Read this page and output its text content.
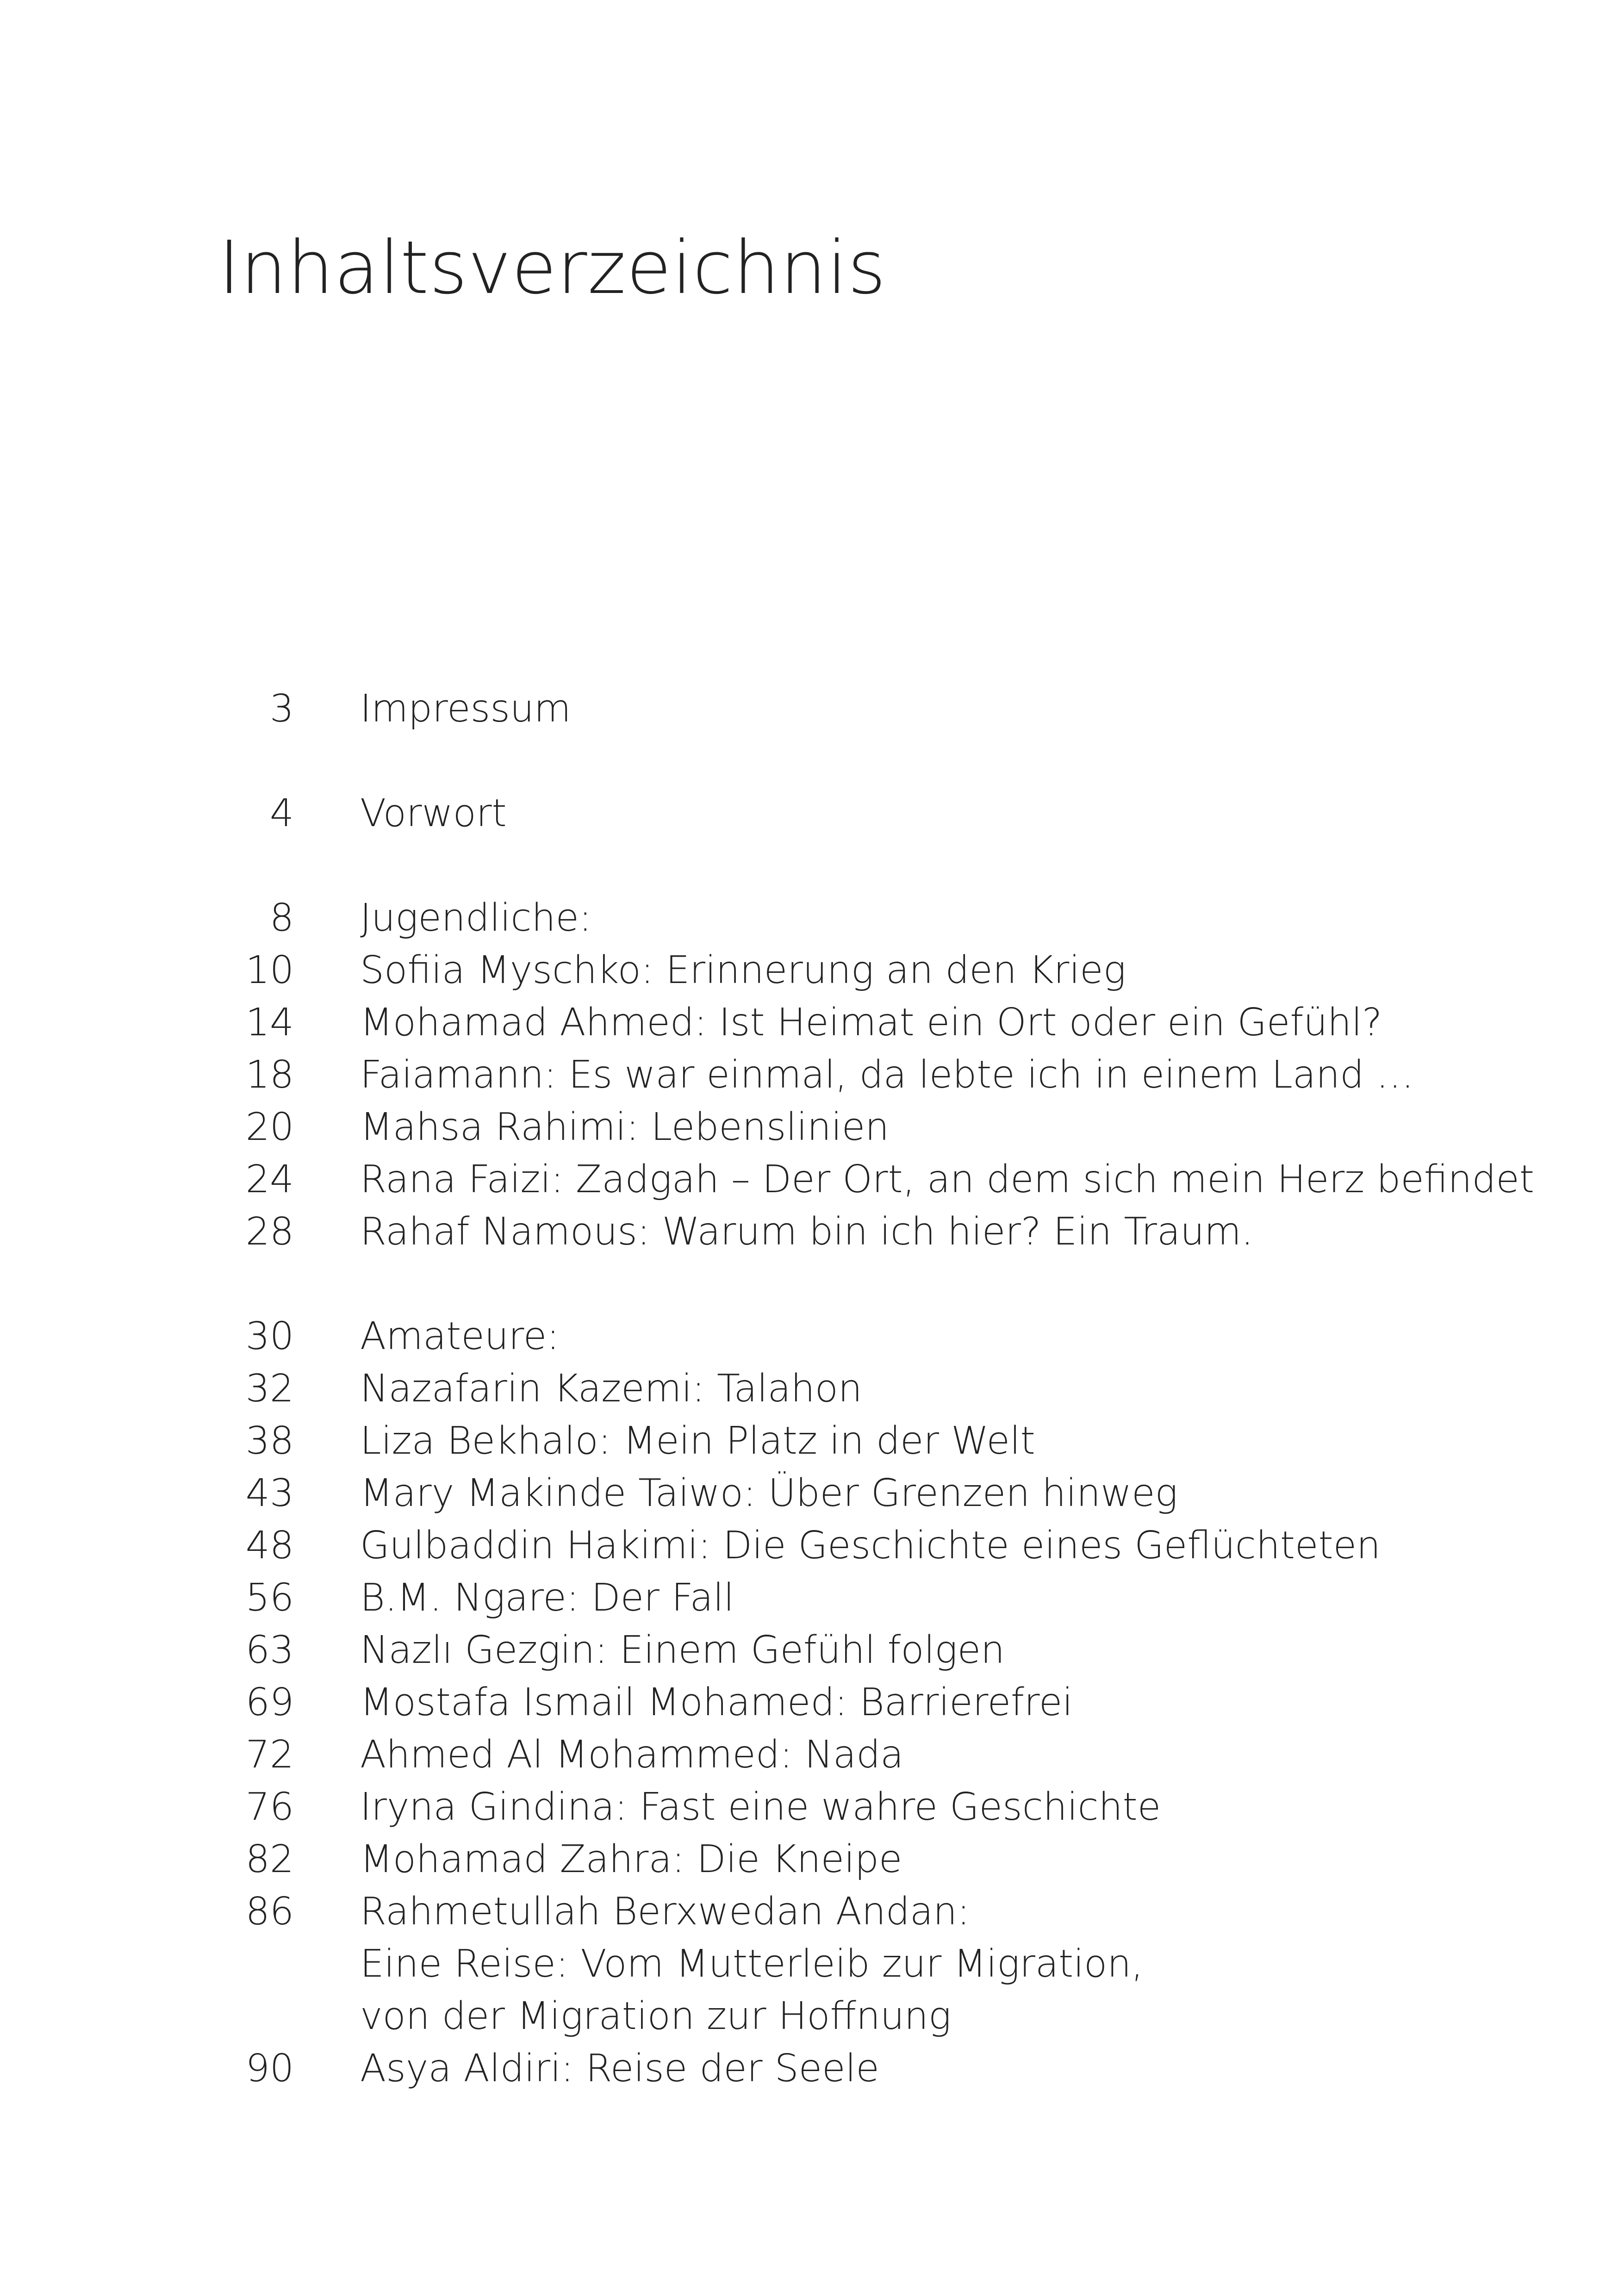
Inhaltsverzeichnis
3 Impressum
4 Vorwort
8 Jugendliche:
10 Sofiia Myschko: Erinnerung an den Krieg
14 Mohamad Ahmed: Ist Heimat ein Ort oder ein Gefühl?
18 Faiamann: Es war einmal, da lebte ich in einem Land …
20 Mahsa Rahimi: Lebenslinien
24 Rana Faizi: Zadgah – Der Ort, an dem sich mein Herz befindet
28 Rahaf Namous: Warum bin ich hier? Ein Traum.
30 Amateure:
32 Nazafarin Kazemi: Talahon
38 Liza Bekhalo: Mein Platz in der Welt
43 Mary Makinde Taiwo: Über Grenzen hinweg
48 Gulbaddin Hakimi: Die Geschichte eines Geflüchteten
56 B.M. Ngare: Der Fall
63 Nazlı Gezgin: Einem Gefühl folgen
69 Mostafa Ismail Mohamed: Barrierefrei
72 Ahmed Al Mohammed: Nada
76 Iryna Gindina: Fast eine wahre Geschichte
82 Mohamad Zahra: Die Kneipe
86 Rahmetullah Berxwedan Andan:
Eine Reise: Vom Mutterleib zur Migration,
von der Migration zur Hoffnung
90 Asya Aldiri: Reise der Seele
